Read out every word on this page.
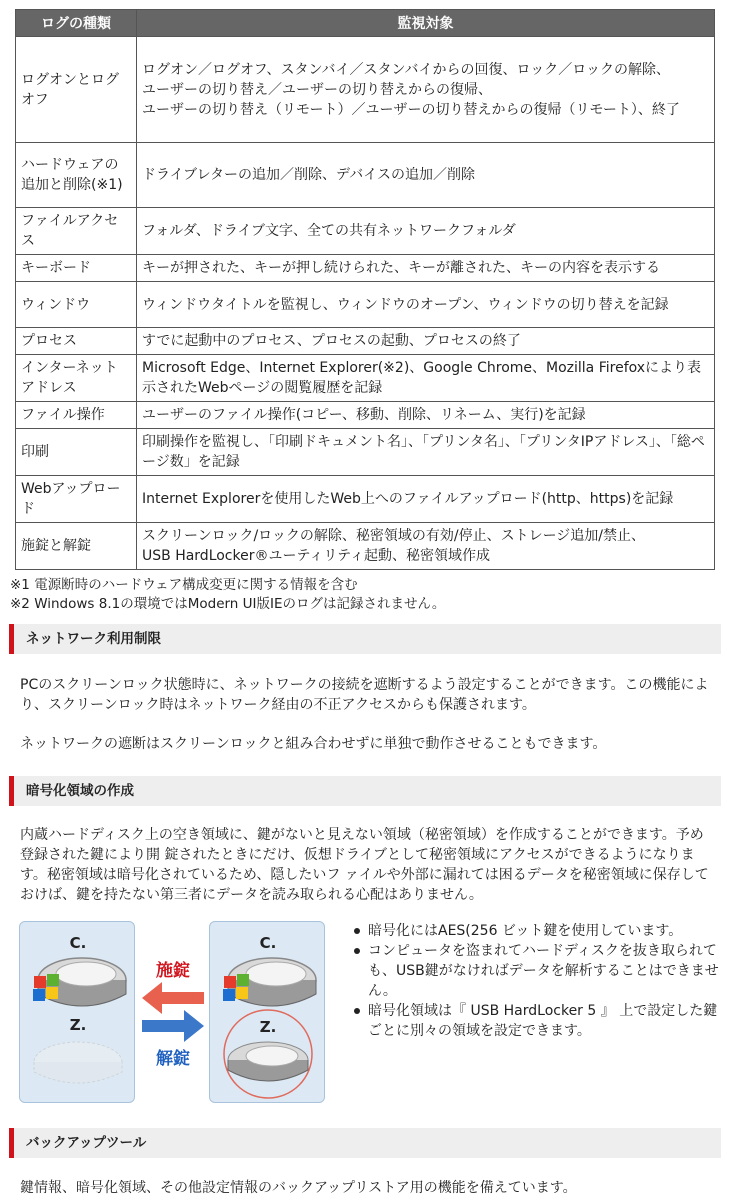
ログの種類	監視対象
ログオンとログオフ	ログオン／ログオフ、スタンバイ／スタンバイからの回復、ロック／ロックの解除、
ユーザーの切り替え／ユーザーの切り替えからの復帰、
ユーザーの切り替え（リモート）／ユーザーの切り替えからの復帰（リモート）、終了
ハードウェアの追加と削除(※1)	ドライブレターの追加／削除、デバイスの追加／削除
ファイルアクセス	フォルダ、ドライブ文字、全ての共有ネットワークフォルダ
キーボード	キーが押された、キーが押し続けられた、キーが離された、キーの内容を表示する
ウィンドウ	ウィンドウタイトルを監視し、ウィンドウのオープン、ウィンドウの切り替えを記録
プロセス	すでに起動中のプロセス、プロセスの起動、プロセスの終了
インターネットアドレス	Microsoft Edge、Internet Explorer(※2)、Google Chrome、Mozilla Firefoxにより表示されたWebページの閲覧履歴を記録
ファイル操作	ユーザーのファイル操作(コピー、移動、削除、リネーム、実行)を記録
印刷	印刷操作を監視し、「印刷ドキュメント名」、「プリンタ名」、「プリンタIPアドレス」、「総ページ数」を記録
Webアップロード	Internet Explorerを使用したWeb上へのファイルアップロード(http、https)を記録
施錠と解錠	スクリーンロック/ロックの解除、秘密領域の有効/停止、ストレージ追加/禁止、
USB HardLocker®ユーティリティ起動、秘密領域作成
※1 電源断時のハードウェア構成変更に関する情報を含む
※2 Windows 8.1の環境ではModern UI版IEのログは記録されません。
ネットワーク利用制限
PCのスクリーンロック状態時に、ネットワークの接続を遮断するよう設定することができます。この機能により、スクリーンロック時はネットワーク経由の不正アクセスからも保護されます。
ネットワークの遮断はスクリーンロックと組み合わせずに単独で動作させることもできます。
暗号化領域の作成
内蔵ハードディスク上の空き領域に、鍵がないと見えない領域（秘密領域）を作成することができます。予め登録された鍵により開 錠されたときにだけ、仮想ドライブとして秘密領域にアクセスができるようになります。秘密領域は暗号化されているため、隠したいフ ァイルや外部に漏れては困るデータを秘密領域に保存しておけば、鍵を持たない第三者にデータを読み取られる心配はありません。
C.
Z.
施錠
解錠
C.
Z.
暗号化にはAES(256 ビット鍵を使用しています。
コンピュータを盗まれてハードディスクを抜き取られても、USB鍵がなければデータを解析することはできません。
暗号化領域は『 USB HardLocker 5 』 上で設定した鍵ごとに別々の領域を設定できます。
バックアップツール
鍵情報、暗号化領域、その他設定情報のバックアップリストア用の機能を備えています。
